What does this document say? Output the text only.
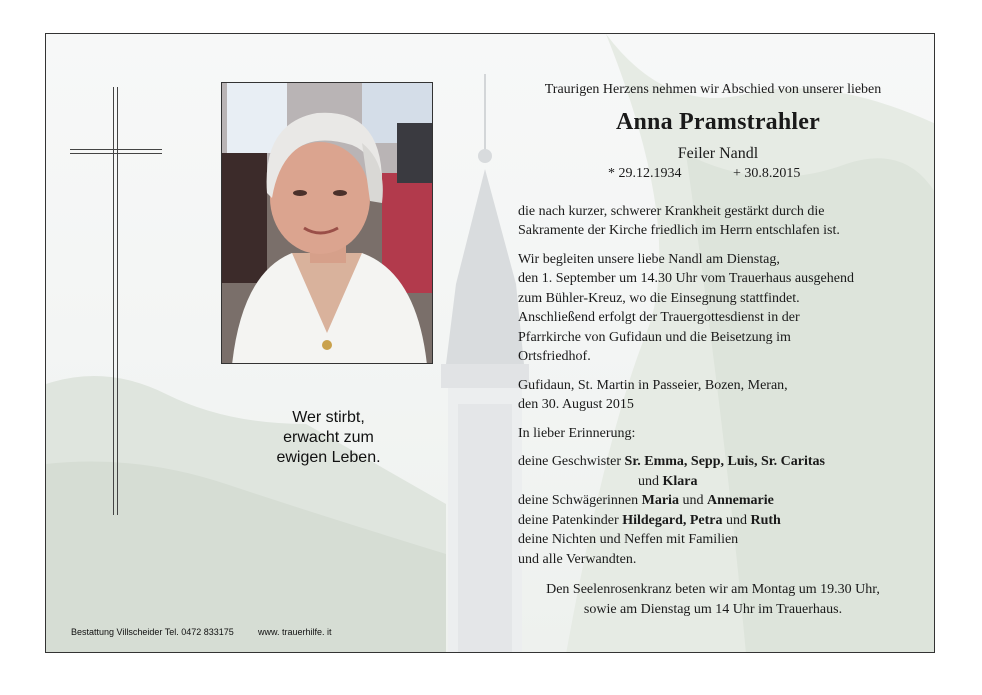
Wer stirbt,
erwacht zum
ewigen Leben.
Traurigen Herzens nehmen wir Abschied von unserer lieben
Anna Pramstrahler
Feiler Nandl
* 29.12.1934	+ 30.8.2015
die nach kurzer, schwerer Krankheit gestärkt durch die
Sakramente der Kirche friedlich im Herrn entschlafen ist.
Wir begleiten unsere liebe Nandl am Dienstag,
den 1. September um 14.30 Uhr vom Trauerhaus ausgehend
zum Bühler-Kreuz, wo die Einsegnung stattfindet.
Anschließend erfolgt der Trauergottesdienst in der
Pfarrkirche von Gufidaun und die Beisetzung im
Ortsfriedhof.
Gufidaun, St. Martin in Passeier, Bozen, Meran,
den 30. August 2015
In lieber Erinnerung:
deine Geschwister Sr. Emma, Sepp, Luis, Sr. Caritas
und Klara
deine Schwägerinnen Maria und Annemarie
deine Patenkinder Hildegard, Petra und Ruth
deine Nichten und Neffen mit Familien
und alle Verwandten.
Den Seelenrosenkranz beten wir am Montag um 19.30 Uhr,
sowie am Dienstag um 14 Uhr im Trauerhaus.
Bestattung Villscheider Tel. 0472 833175	www. trauerhilfe. it
